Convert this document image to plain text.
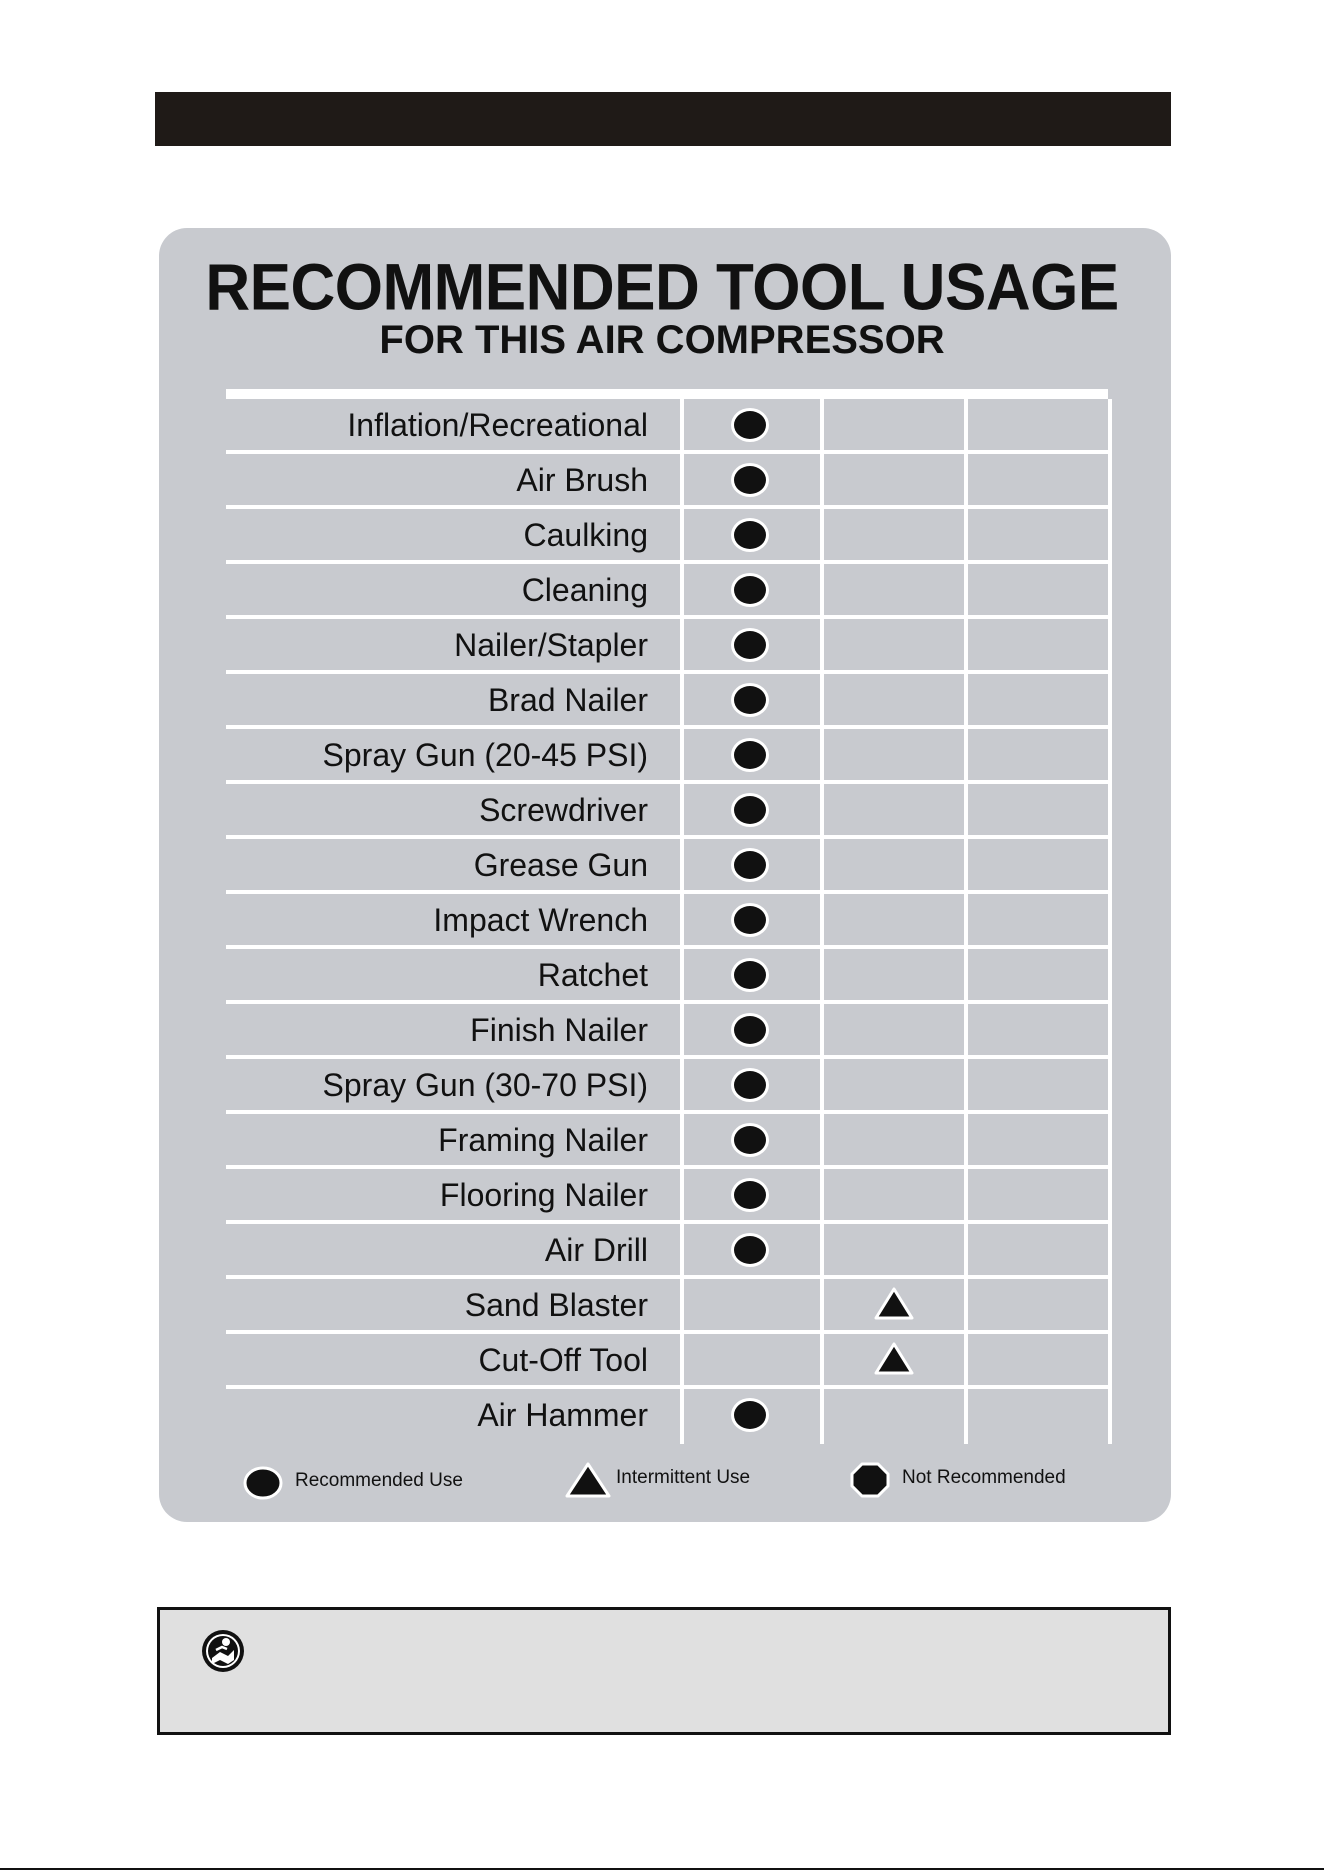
RECOMMENDED TOOL USAGE
FOR THIS AIR COMPRESSOR
Inflation/Recreational
Air Brush
Caulking
Cleaning
Nailer/Stapler
Brad Nailer
Spray Gun (20-45 PSI)
Screwdriver
Grease Gun
Impact Wrench
Ratchet
Finish Nailer
Spray Gun (30-70 PSI)
Framing Nailer
Flooring Nailer
Air Drill
Sand Blaster
Cut-Off Tool
Air Hammer
Recommended Use	Intermittent Use	Not Recommended
